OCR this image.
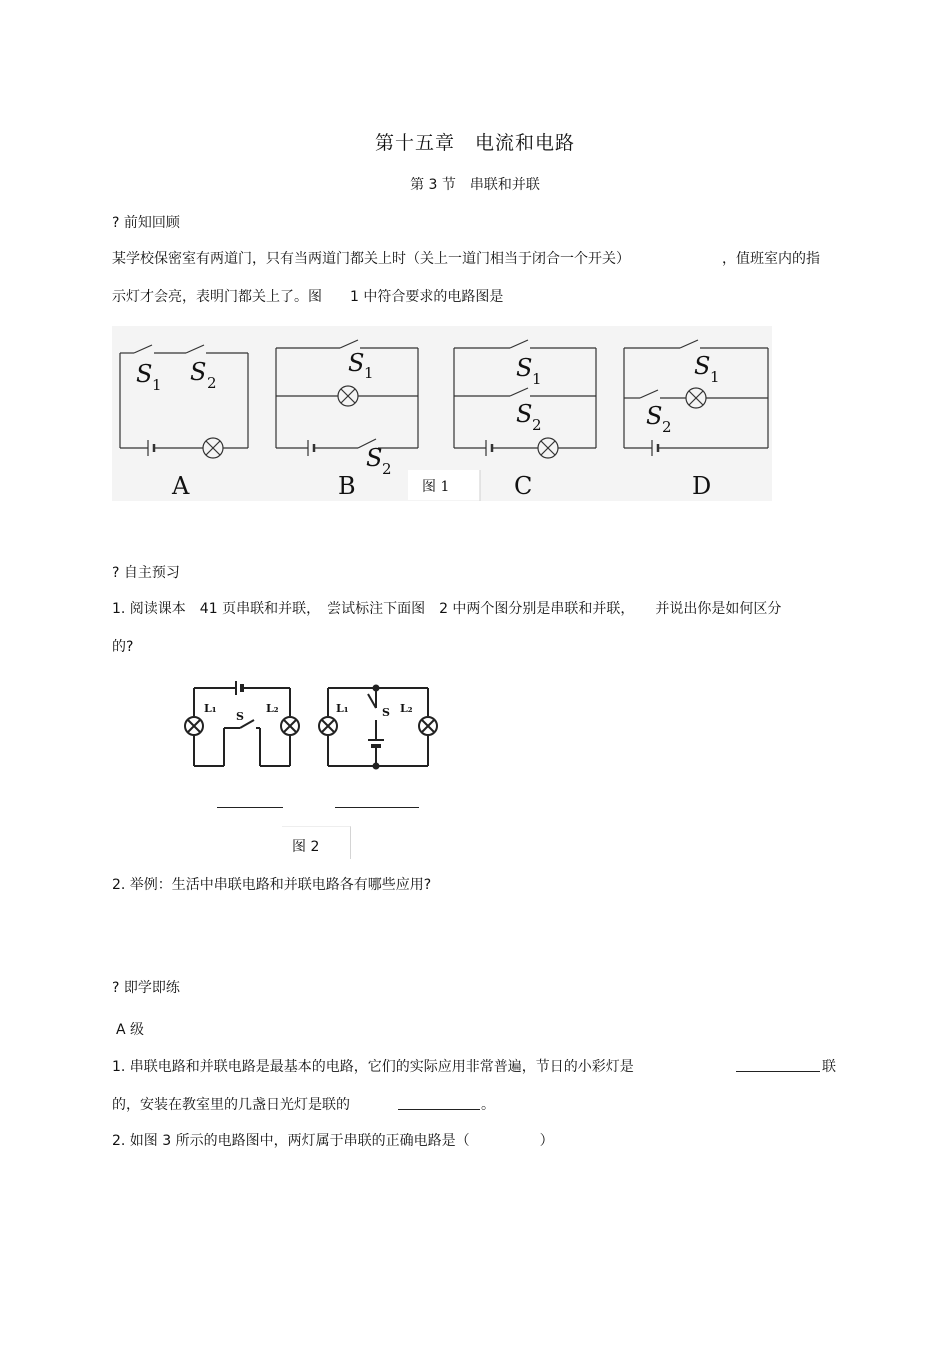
第十五章　电流和电路
第 3 节　串联和并联
? 前知回顾
某学校保密室有两道门，只有当两道门都关上时（关上一道门相当于闭合一个开关）	，值班室内的指
示灯才会亮，表明门都关上了。图　　1 中符合要求的电路图是
S 1 S 2
S 1
S 2
S 1
S 2
S 1
S 2
A	B	C	D
图 1
? 自主预习
1. 阅读课本　41 页串联和并联，　尝试标注下面图　2 中两个图分别是串联和并联，　　并说出你是如何区分
的?
L₁
S
L₂	L₁	S L₂
图 2
2. 举例：生活中串联电路和并联电路各有哪些应用?
? 即学即练
A 级
1. 串联电路和并联电路是最基本的电路，它们的实际应用非常普遍，节日的小彩灯是	联
的，安装在教室里的几盏日光灯是联的	。
2. 如图 3 所示的电路图中，两灯属于串联的正确电路是（　　　　　）
